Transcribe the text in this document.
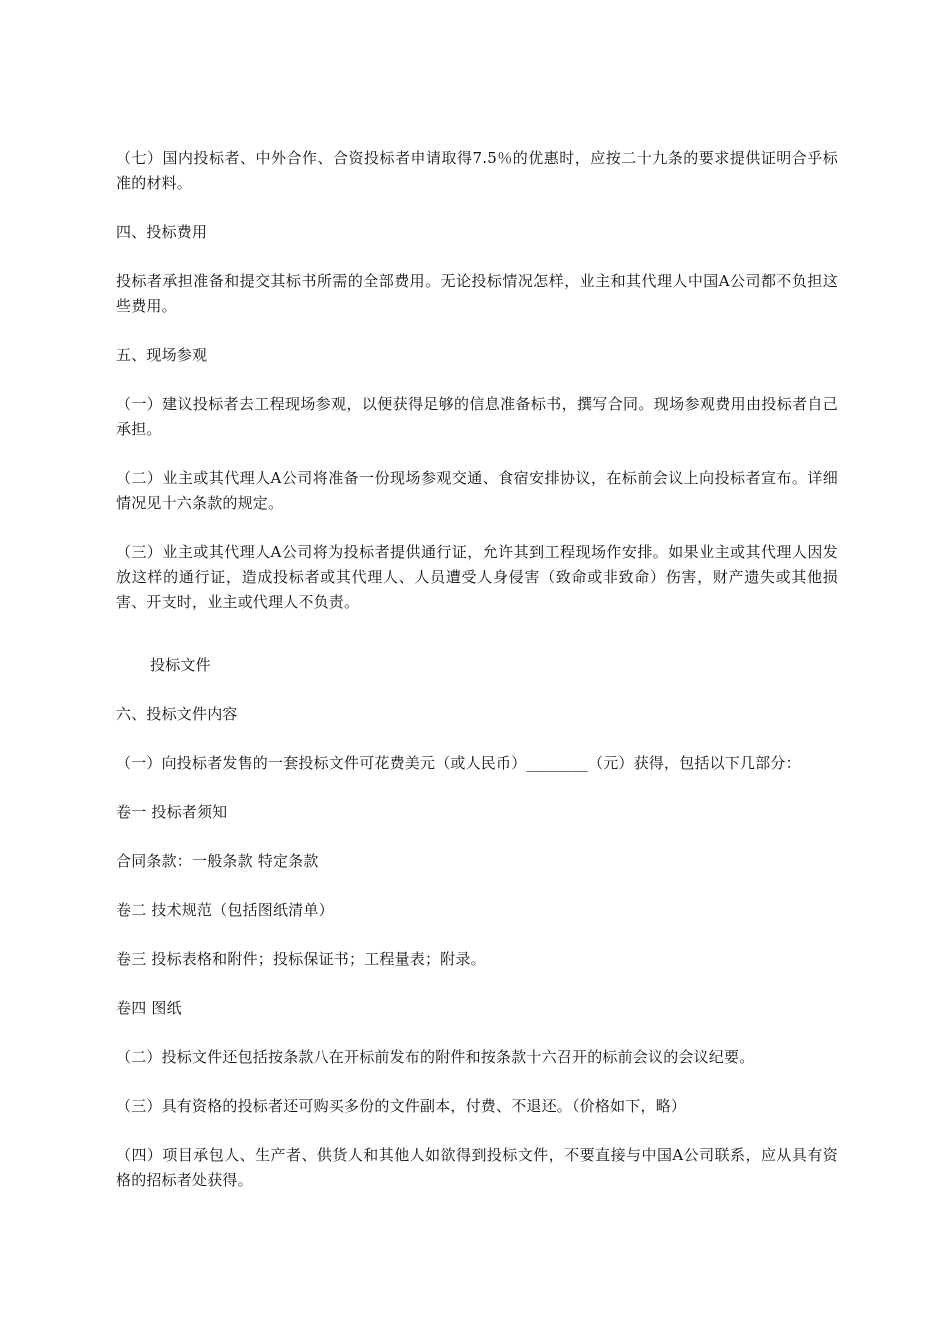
（七）国内投标者、中外合作、合资投标者申请取得7.5％的优惠时，应按二十九条的要求提供证明合乎标准的材料。

四、投标费用

投标者承担准备和提交其标书所需的全部费用。无论投标情况怎样，业主和其代理人中国A公司都不负担这些费用。

五、现场参观

（一）建议投标者去工程现场参观，以便获得足够的信息准备标书，撰写合同。现场参观费用由投标者自己承担。

（二）业主或其代理人A公司将准备一份现场参观交通、食宿安排协议，在标前会议上向投标者宣布。详细情况见十六条款的规定。

（三）业主或其代理人A公司将为投标者提供通行证，允许其到工程现场作安排。如果业主或其代理人因发放这样的通行证，造成投标者或其代理人、人员遭受人身侵害（致命或非致命）伤害，财产遗失或其他损害、开支时，业主或代理人不负责。

投标文件

六、投标文件内容

（一）向投标者发售的一套投标文件可花费美元（或人民币）________（元）获得，包括以下几部分：

卷一 投标者须知

合同条款：一般条款 特定条款

卷二 技术规范（包括图纸清单）

卷三 投标表格和附件；投标保证书；工程量表；附录。

卷四 图纸

（二）投标文件还包括按条款八在开标前发布的附件和按条款十六召开的标前会议的会议纪要。

（三）具有资格的投标者还可购买多份的文件副本，付费、不退还。（价格如下，略）

（四）项目承包人、生产者、供货人和其他人如欲得到投标文件，不要直接与中国A公司联系，应从具有资格的招标者处获得。
